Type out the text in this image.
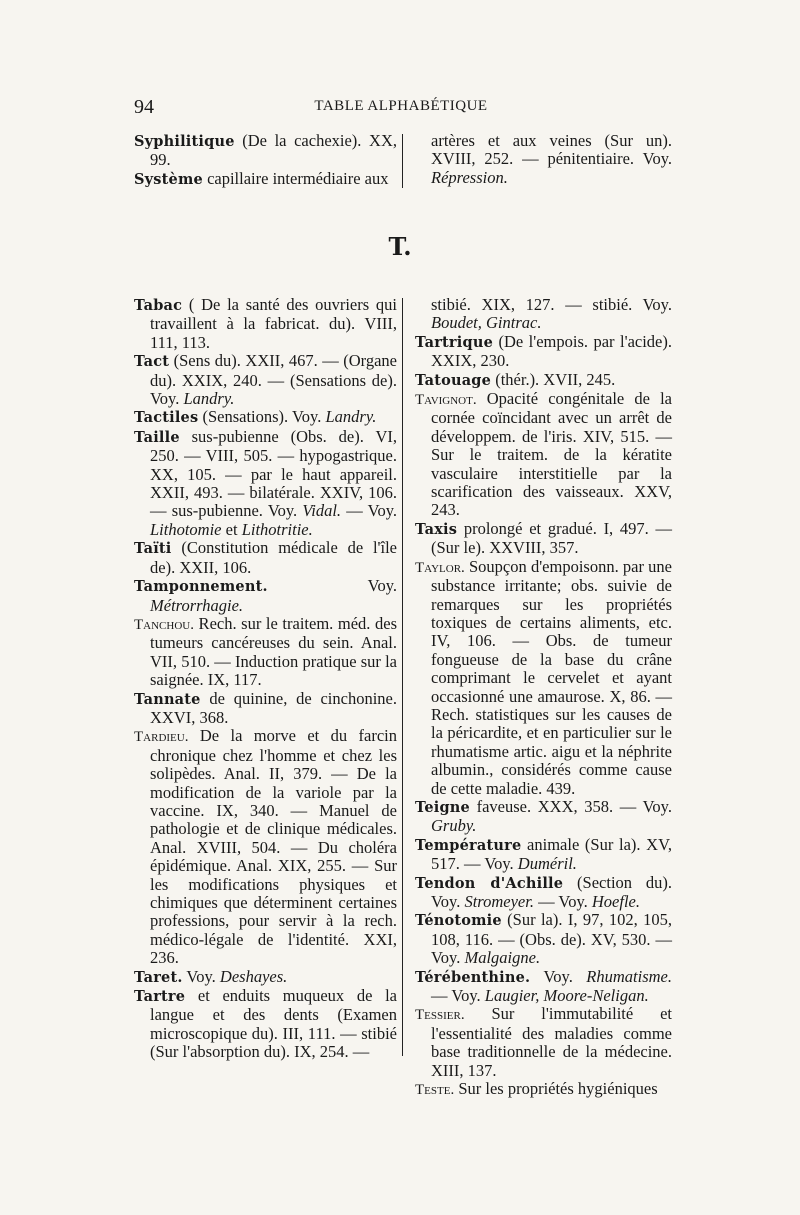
94	TABLE ALPHABÉTIQUE
Syphilitique (De la cachexie). XX, 99.
Système capillaire intermédiaire aux
artères et aux veines (Sur un). XVIII, 252. — pénitentiaire. Voy. Répression.
T.
Tabac ( De la santé des ouvriers qui travaillent à la fabricat. du). VIII, 111, 113.
Tact (Sens du). XXII, 467. — (Organe du). XXIX, 240. — (Sensations de). Voy. Landry.
Tactiles (Sensations). Voy. Landry.
Taille sus-pubienne (Obs. de). VI, 250. — VIII, 505. — hypogastrique. XX, 105. — par le haut appareil. XXII, 493. — bilatérale. XXIV, 106. — sus-pubienne. Voy. Vidal. — Voy. Lithotomie et Lithotritie.
Taïti (Constitution médicale de l'île de). XXII, 106.
Tamponnement. Voy. Métrorrhagie.
Tanchou. Rech. sur le traitem. méd. des tumeurs cancéreuses du sein. Anal. VII, 510. — Induction pratique sur la saignée. IX, 117.
Tannate de quinine, de cinchonine. XXVI, 368.
Tardieu. De la morve et du farcin chronique chez l'homme et chez les solipèdes. Anal. II, 379. — De la modification de la variole par la vaccine. IX, 340. — Manuel de pathologie et de clinique médicales. Anal. XVIII, 504. — Du choléra épidémique. Anal. XIX, 255. — Sur les modifications physiques et chimiques que déterminent certaines professions, pour servir à la rech. médico-légale de l'identité. XXI, 236.
Taret. Voy. Deshayes.
Tartre et enduits muqueux de la langue et des dents (Examen microscopique du). III, 111. — stibié (Sur l'absorption du). IX, 254. —
stibié. XIX, 127. — stibié. Voy. Boudet, Gintrac.
Tartrique (De l'empois. par l'acide). XXIX, 230.
Tatouage (thér.). XVII, 245.
Tavignot. Opacité congénitale de la cornée coïncidant avec un arrêt de développem. de l'iris. XIV, 515. — Sur le traitem. de la kératite vasculaire interstitielle par la scarification des vaisseaux. XXV, 243.
Taxis prolongé et gradué. I, 497. — (Sur le). XXVIII, 357.
Taylor. Soupçon d'empoisonn. par une substance irritante; obs. suivie de remarques sur les propriétés toxiques de certains aliments, etc. IV, 106. — Obs. de tumeur fongueuse de la base du crâne comprimant le cervelet et ayant occasionné une amaurose. X, 86. — Rech. statistiques sur les causes de la péricardite, et en particulier sur le rhumatisme artic. aigu et la néphrite albumin., considérés comme cause de cette maladie. 439.
Teigne faveuse. XXX, 358. — Voy. Gruby.
Température animale (Sur la). XV, 517. — Voy. Duméril.
Tendon d'Achille (Section du). Voy. Stromeyer. — Voy. Hoefle.
Ténotomie (Sur la). I, 97, 102, 105, 108, 116. — (Obs. de). XV, 530. — Voy. Malgaigne.
Térébenthine. Voy. Rhumatisme. — Voy. Laugier, Moore-Neligan.
Tessier. Sur l'immutabilité et l'essentialité des maladies comme base traditionnelle de la médecine. XIII, 137.
Teste. Sur les propriétés hygiéniques
